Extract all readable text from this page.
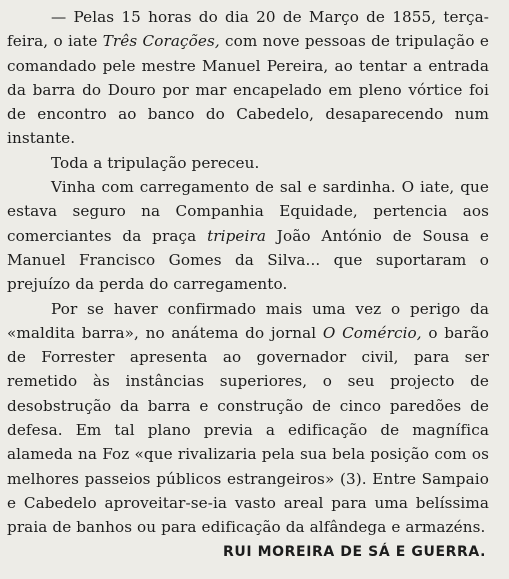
— Pelas 15 horas do dia 20 de Março de 1855, terça-feira, o iate Três Corações, com nove pessoas de tripulação e comandado pele mestre Manuel Pereira, ao tentar a entrada da barra do Douro por mar encapelado em pleno vórtice foi de encontro ao banco do Cabedelo, desaparecendo num instante.

Toda a tripulação pereceu.

Vinha com carregamento de sal e sardinha. O iate, que estava seguro na Companhia Equidade, pertencia aos comerciantes da praça tripeira João António de Sousa e Manuel Francisco Gomes da Silva... que suportaram o prejuízo da perda do carregamento.

Por se haver confirmado mais uma vez o perigo da «maldita barra», no anátema do jornal O Comércio, o barão de Forrester apresenta ao governador civil, para ser remetido às instâncias superiores, o seu projecto de desobstrução da barra e construção de cinco paredões de defesa. Em tal plano previa a edificação de magnífica alameda na Foz «que rivalizaria pela sua bela posição com os melhores passeios públicos estrangeiros» (3). Entre Sampaio e Cabedelo aproveitar-se-ia vasto areal para uma belíssima praia de banhos ou para edificação da alfândega e armazéns.

RUI MOREIRA DE SÁ E GUERRA.
